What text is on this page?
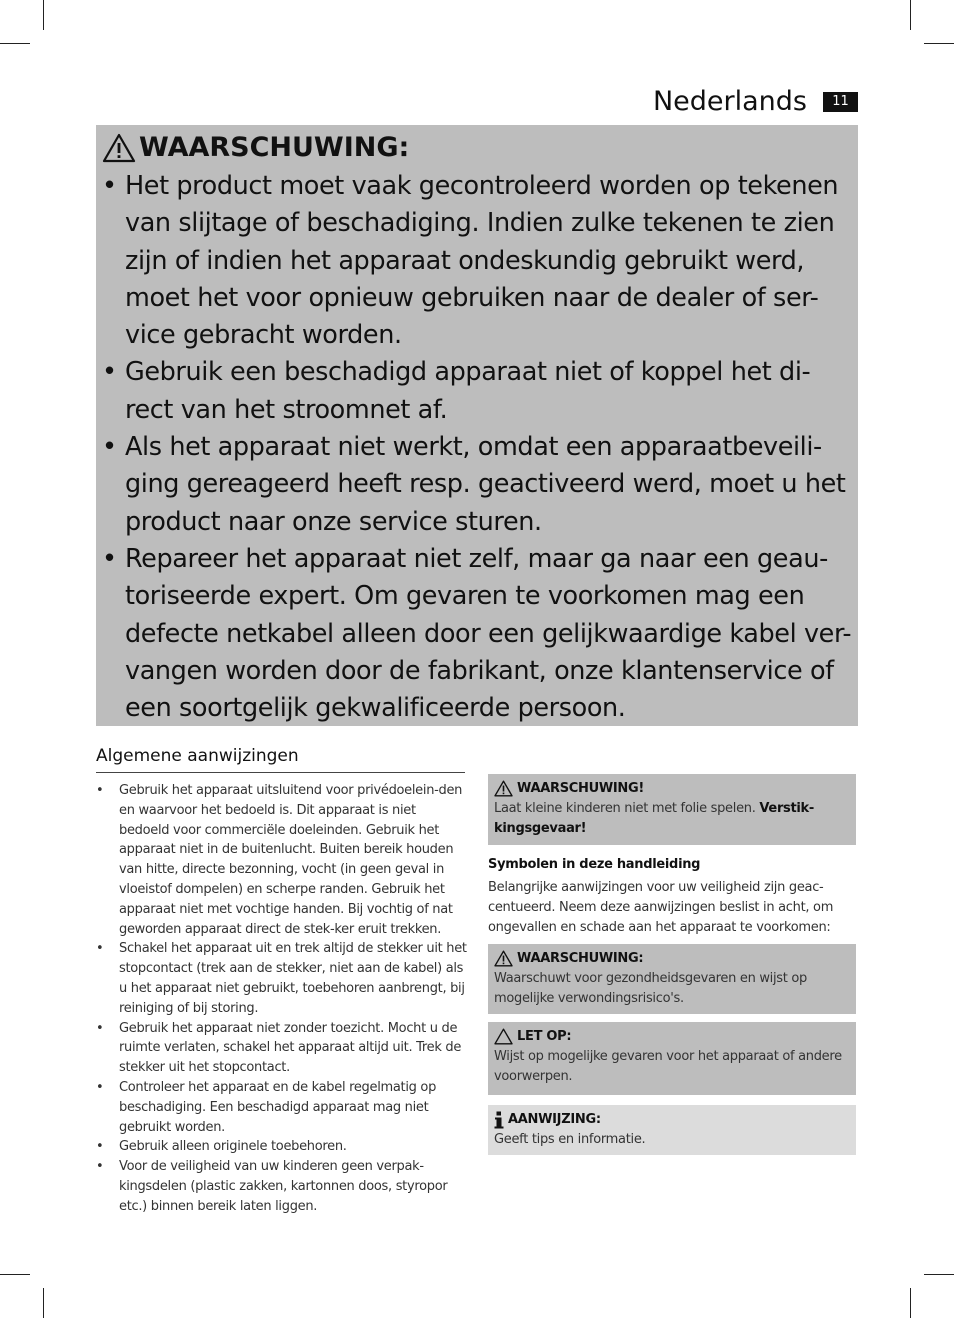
Nederlands	11
WAARSCHUWING:
• Het product moet vaak gecontroleerd worden op tekenen van slijtage of beschadiging. Indien zulke tekenen te zien zijn of indien het apparaat ondeskundig gebruikt werd, moet het voor opnieuw gebruiken naar de dealer of ser-vice gebracht worden.
• Gebruik een beschadigd apparaat niet of koppel het di-rect van het stroomnet af.
• Als het apparaat niet werkt, omdat een apparaatbeveili-ging gereageerd heeft resp. geactiveerd werd, moet u het product naar onze service sturen.
• Repareer het apparaat niet zelf, maar ga naar een geau-toriseerde expert. Om gevaren te voorkomen mag een defecte netkabel alleen door een gelijkwaardige kabel ver-vangen worden door de fabrikant, onze klantenservice of een soortgelijk gekwalificeerde persoon.
Algemene aanwijzingen
• Gebruik het apparaat uitsluitend voor privédoelein-den en waarvoor het bedoeld is. Dit apparaat is niet bedoeld voor commerciële doeleinden. Gebruik het apparaat niet in de buitenlucht. Buiten bereik houden van hitte, directe bezonning, vocht (in geen geval in vloeistof dompelen) en scherpe randen. Gebruik het apparaat niet met vochtige handen. Bij vochtig of nat geworden apparaat direct de stek-ker eruit trekken.
• Schakel het apparaat uit en trek altijd de stekker uit het stopcontact (trek aan de stekker, niet aan de kabel) als u het apparaat niet gebruikt, toebehoren aanbrengt, bij reiniging of bij storing.
• Gebruik het apparaat niet zonder toezicht. Mocht u de ruimte verlaten, schakel het apparaat altijd uit. Trek de stekker uit het stopcontact.
• Controleer het apparaat en de kabel regelmatig op beschadiging. Een beschadigd apparaat mag niet gebruikt worden.
• Gebruik alleen originele toebehoren.
• Voor de veiligheid van uw kinderen geen verpak-kingsdelen (plastic zakken, kartonnen doos, styropor etc.) binnen bereik laten liggen.
WAARSCHUWING!
Laat kleine kinderen niet met folie spelen. Verstik-kingsgevaar!
Symbolen in deze handleiding
Belangrijke aanwijzingen voor uw veiligheid zijn geac-centueerd. Neem deze aanwijzingen beslist in acht, om ongevallen en schade aan het apparaat te voorkomen:
WAARSCHUWING:
Waarschuwt voor gezondheidsgevaren en wijst op mogelijke verwondingsrisico's.
LET OP:
Wijst op mogelijke gevaren voor het apparaat of andere voorwerpen.
AANWIJZING:
Geeft tips en informatie.
